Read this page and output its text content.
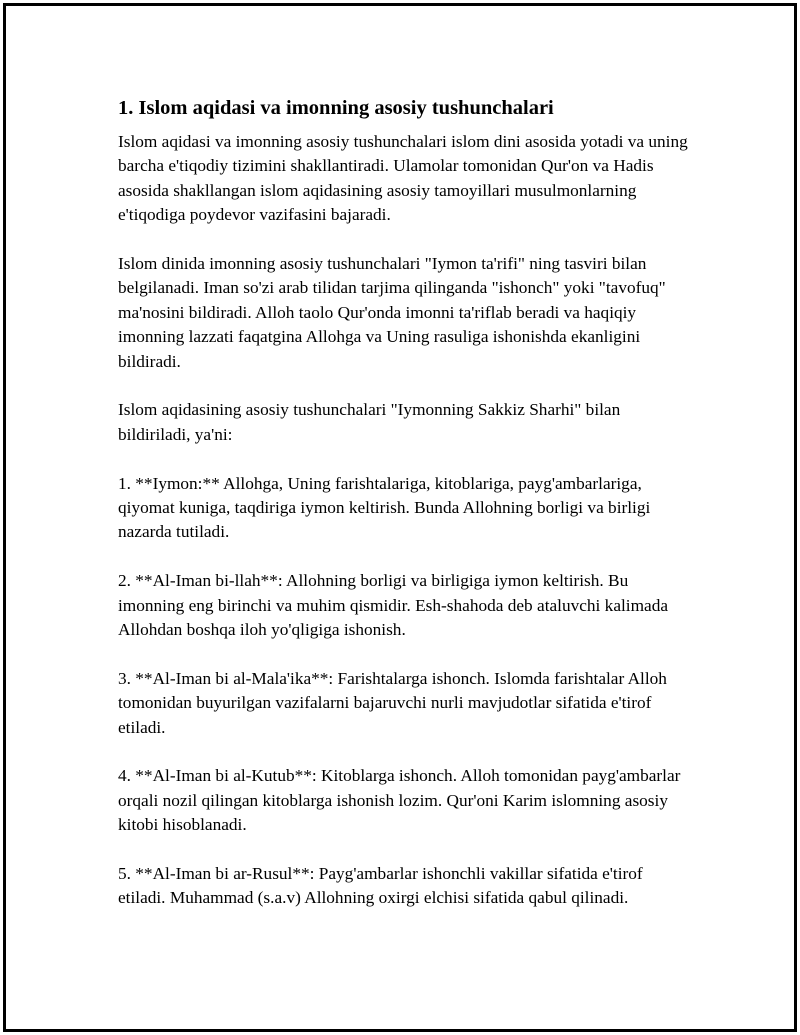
1. Islom aqidasi va imonning asosiy tushunchalari

Islom aqidasi va imonning asosiy tushunchalari islom dini asosida yotadi va uning barcha e'tiqodiy tizimini shakllantiradi. Ulamolar tomonidan Qur'on va Hadis asosida shakllangan islom aqidasining asosiy tamoyillari musulmonlarning e'tiqodiga poydevor vazifasini bajaradi.

Islom dinida imonning asosiy tushunchalari "Iymon ta'rifi" ning tasviri bilan belgilanadi. Iman so'zi arab tilidan tarjima qilinganda "ishonch" yoki "tavofuq" ma'nosini bildiradi. Alloh taolo Qur'onda imonni ta'riflab beradi va haqiqiy imonning lazzati faqatgina Allohga va Uning rasuliga ishonishda ekanligini bildiradi.

Islom aqidasining asosiy tushunchalari "Iymonning Sakkiz Sharhi" bilan bildiriladi, ya'ni:

1. **Iymon:** Allohga, Uning farishtalariga, kitoblariga, payg'ambarlariga, qiyomat kuniga, taqdiriga iymon keltirish. Bunda Allohning borligi va birligi nazarda tutiladi.

2. **Al-Iman bi-llah**: Allohning borligi va birligiga iymon keltirish. Bu imonning eng birinchi va muhim qismidir. Esh-shahoda deb ataluvchi kalimada Allohdan boshqa iloh yo'qligiga ishonish.

3. **Al-Iman bi al-Mala'ika**: Farishtalarga ishonch. Islomda farishtalar Alloh tomonidan buyurilgan vazifalarni bajaruvchi nurli mavjudotlar sifatida e'tirof etiladi.

4. **Al-Iman bi al-Kutub**: Kitoblarga ishonch. Alloh tomonidan payg'ambarlar orqali nozil qilingan kitoblarga ishonish lozim. Qur'oni Karim islomning asosiy kitobi hisoblanadi.

5. **Al-Iman bi ar-Rusul**: Payg'ambarlar ishonchli vakillar sifatida e'tirof etiladi. Muhammad (s.a.v) Allohning oxirgi elchisi sifatida qabul qilinadi.
